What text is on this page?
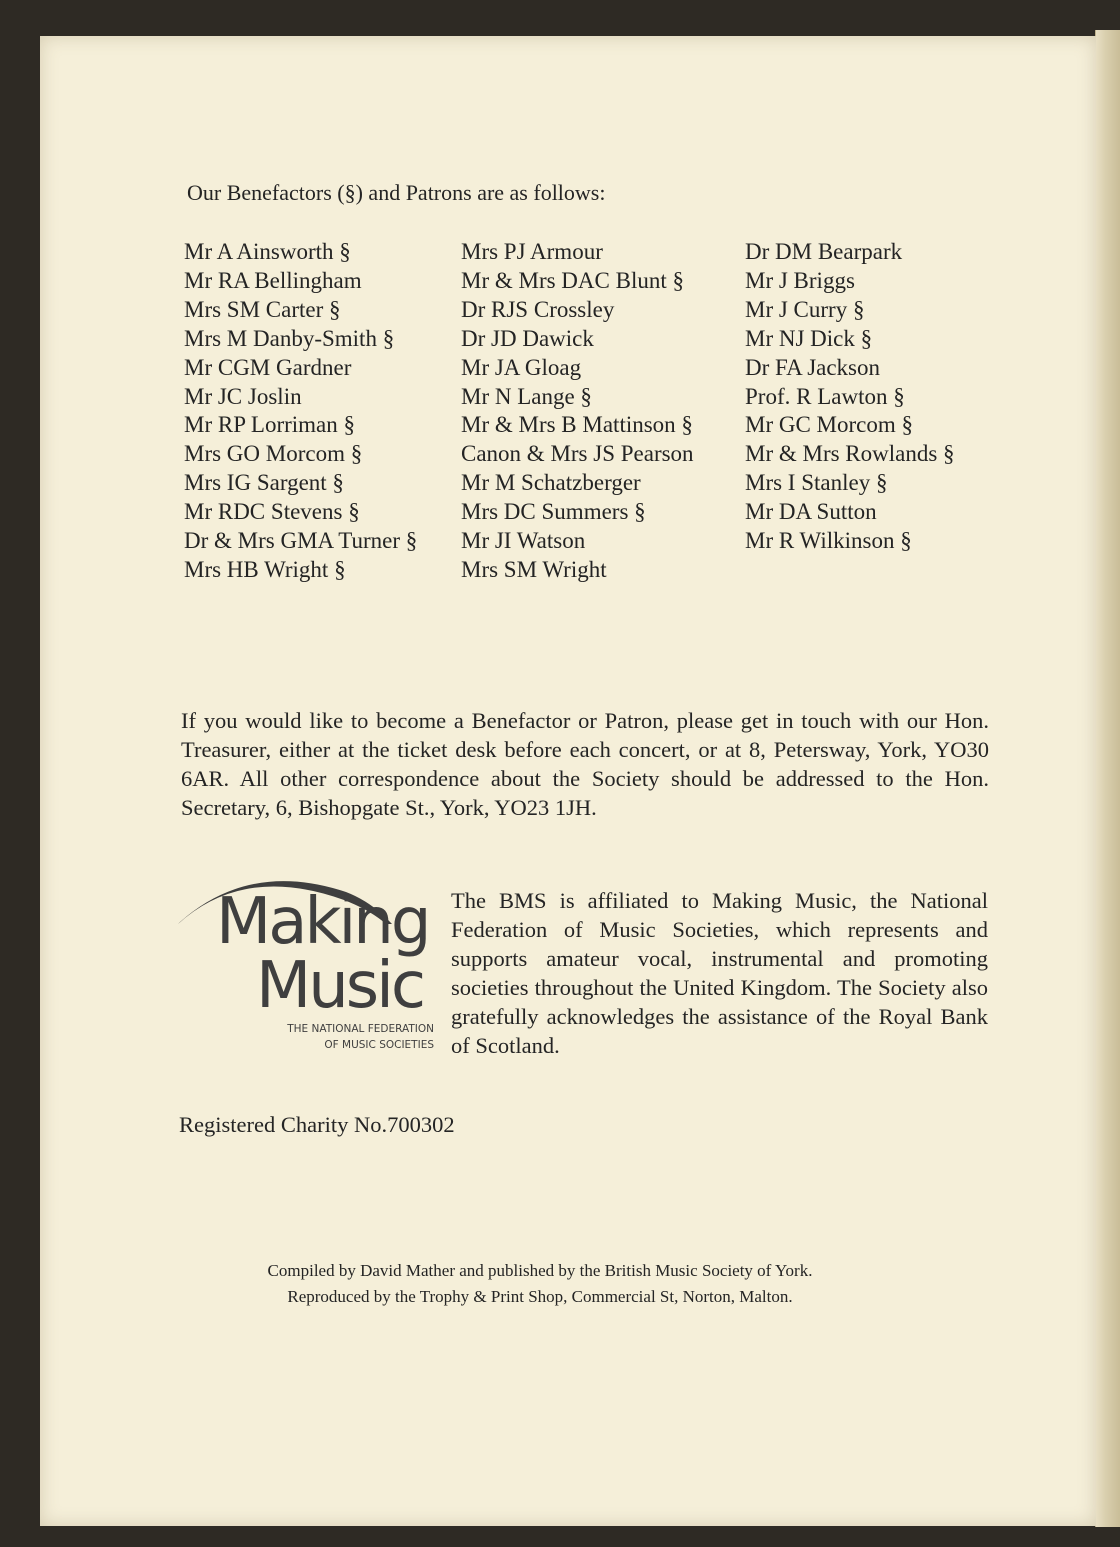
Our Benefactors (§) and Patrons are as follows:

Mr A Ainsworth §
Mr RA Bellingham
Mrs SM Carter §
Mrs M Danby-Smith §
Mr CGM Gardner
Mr JC Joslin
Mr RP Lorriman §
Mrs GO Morcom §
Mrs IG Sargent §
Mr RDC Stevens §
Dr & Mrs GMA Turner §
Mrs HB Wright §
Mrs PJ Armour
Mr & Mrs DAC Blunt §
Dr RJS Crossley
Dr JD Dawick
Mr JA Gloag
Mr N Lange §
Mr & Mrs B Mattinson §
Canon & Mrs JS Pearson
Mr M Schatzberger
Mrs DC Summers §
Mr JI Watson
Mrs SM Wright
Dr DM Bearpark
Mr J Briggs
Mr J Curry §
Mr NJ Dick §
Dr FA Jackson
Prof. R Lawton §
Mr GC Morcom §
Mr & Mrs Rowlands §
Mrs I Stanley §
Mr DA Sutton
Mr R Wilkinson §

If you would like to become a Benefactor or Patron, please get in touch with our Hon. Treasurer, either at the ticket desk before each concert, or at 8, Petersway, York, YO30 6AR. All other correspondence about the Society should be addressed to the Hon. Secretary, 6, Bishopgate St., York, YO23 1JH.

Making
Music
THE NATIONAL FEDERATION
OF MUSIC SOCIETIES

The BMS is affiliated to Making Music, the National Federation of Music Societies, which represents and supports amateur vocal, instrumental and promoting societies throughout the United Kingdom. The Society also gratefully acknowledges the assistance of the Royal Bank of Scotland.

Registered Charity No.700302

Compiled by David Mather and published by the British Music Society of York.

Reproduced by the Trophy & Print Shop, Commercial St, Norton, Malton.
